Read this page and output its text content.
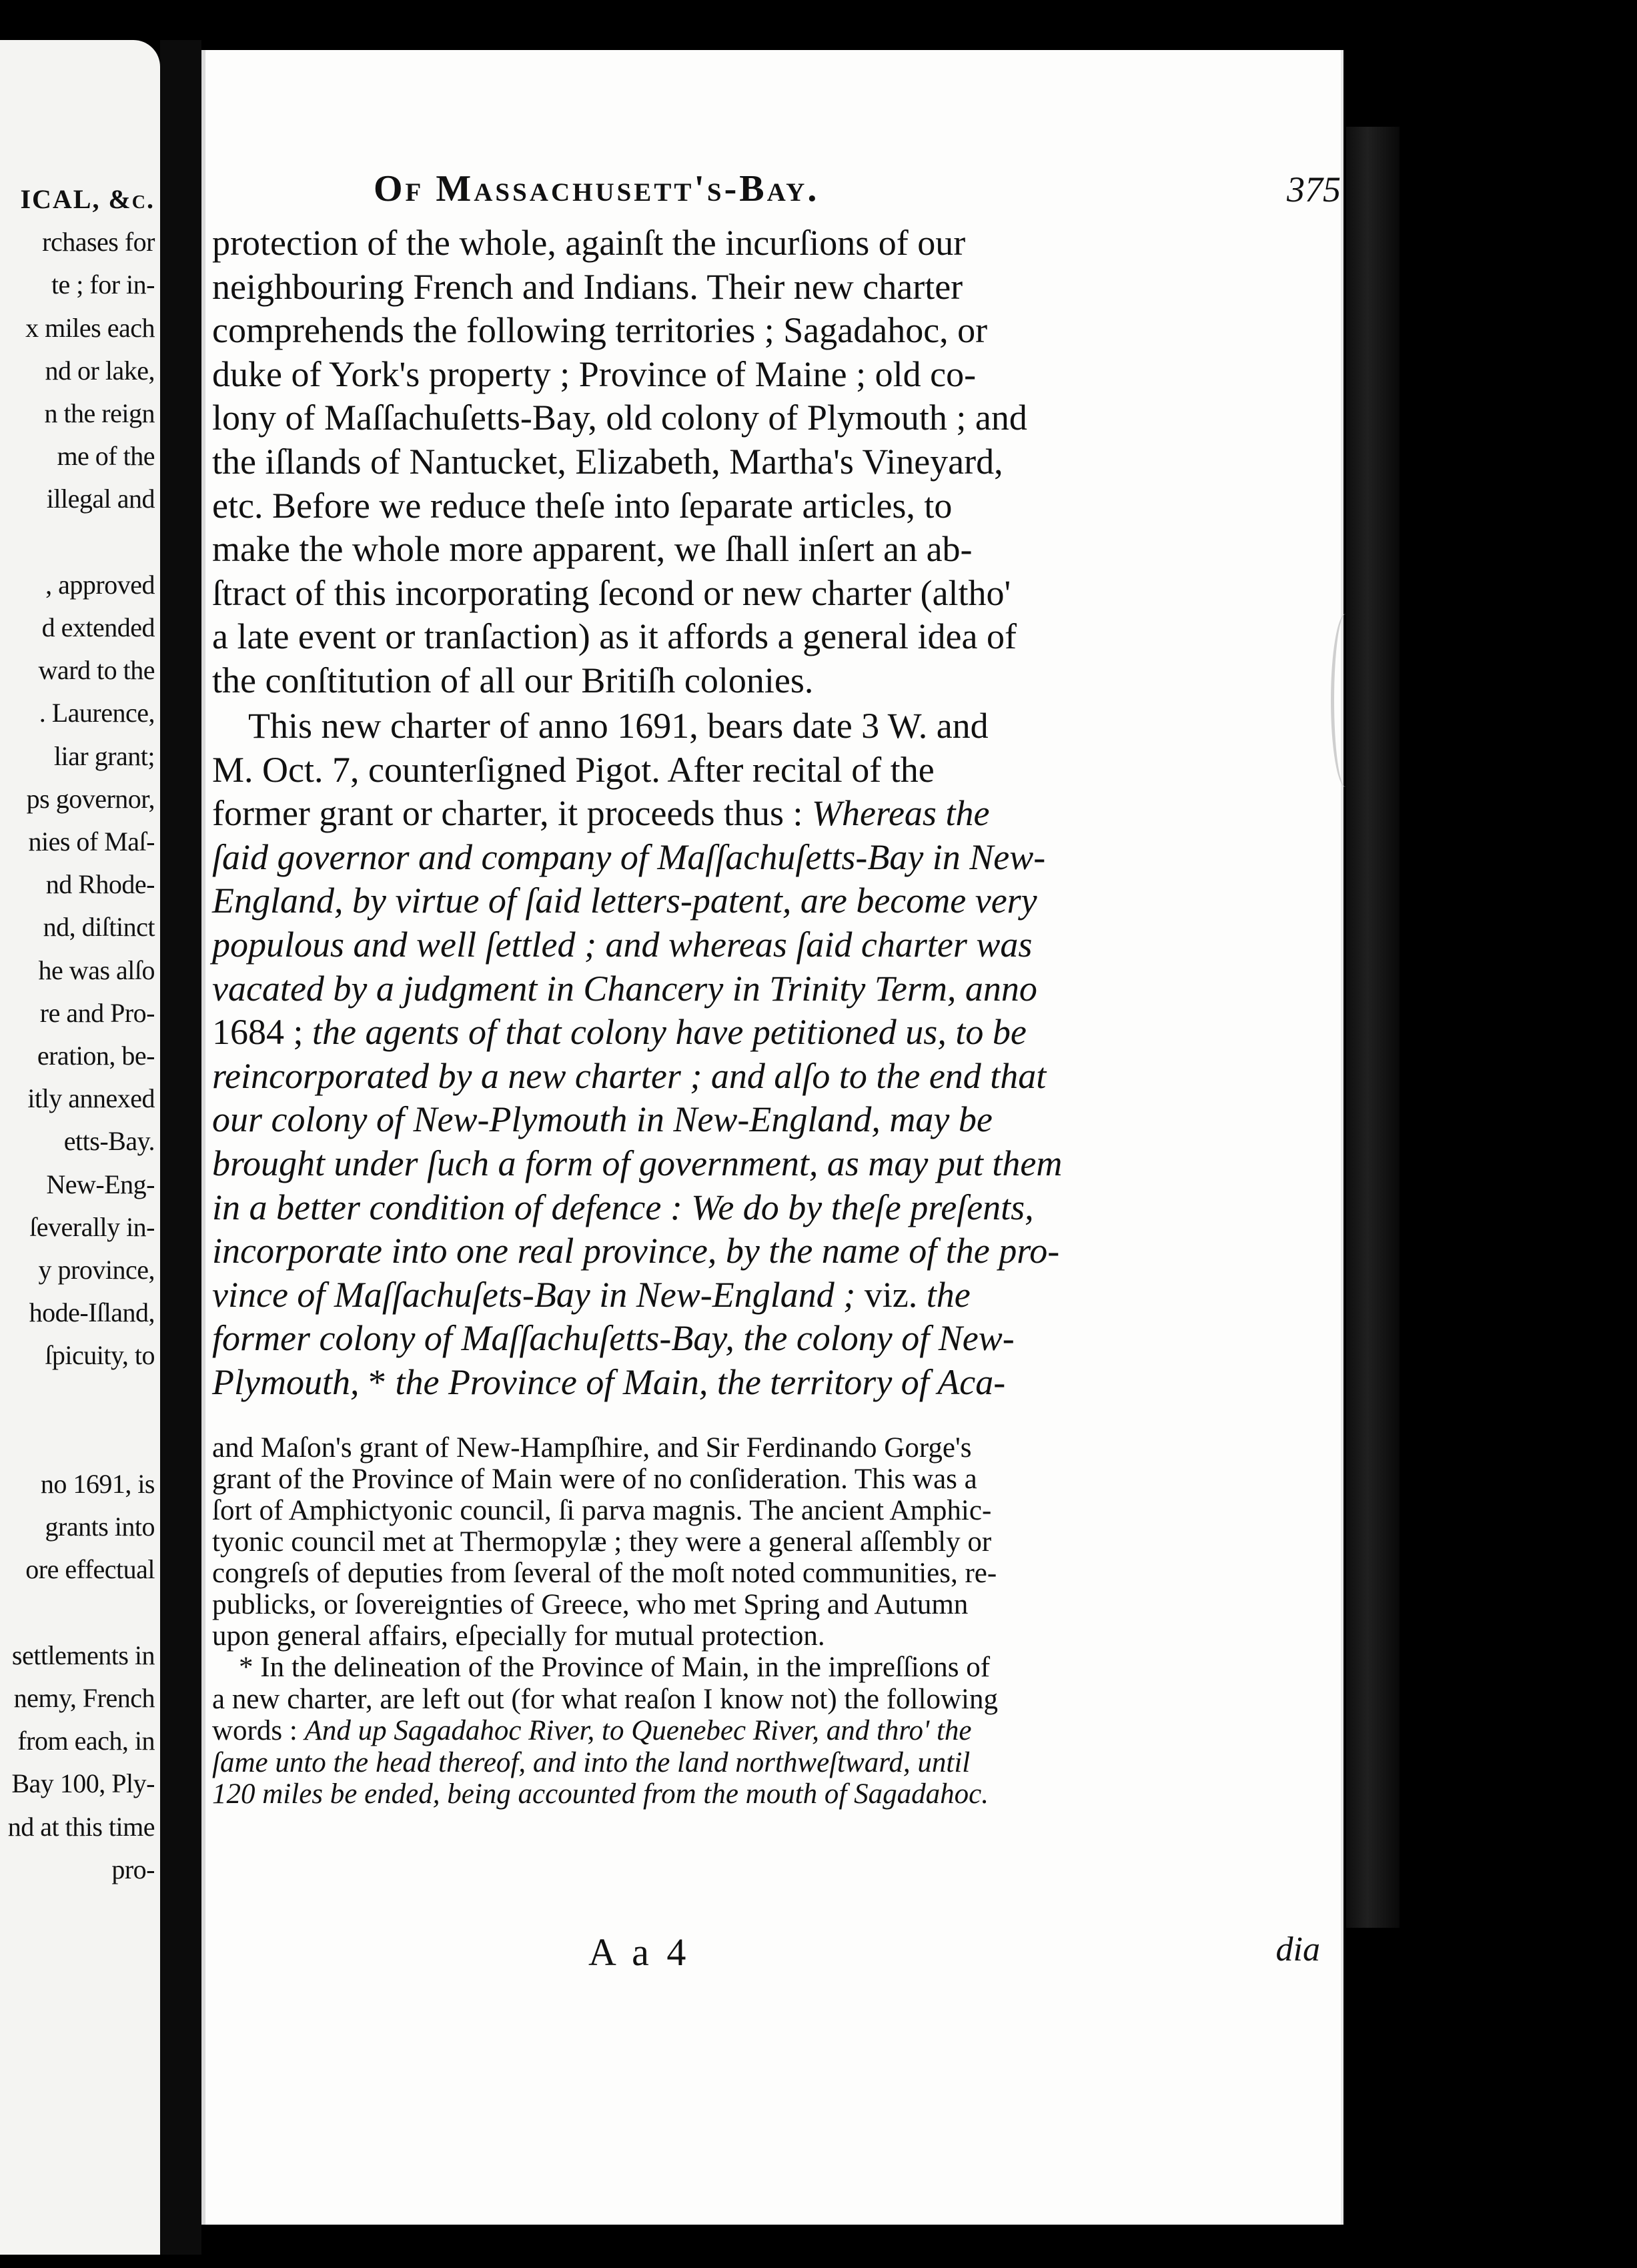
ICAL, &c.
rchases for
te ; for in-
x miles each
nd or lake,
n the reign
me of the
illegal and
, approved
d extended
ward to the
. Laurence,
liar grant;
ps governor,
nies of Maſ-
nd Rhode-
nd, diſtinct
he was alſo
re and Pro-
eration, be-
itly annexed
etts-Bay.
New-Eng-
ſeverally in-
y province,
hode-Iſland,
ſpicuity, to
no 1691, is
grants into
ore effectual
settlements in
nemy, French
from each, in
Bay 100, Ply-
nd at this time
pro-
Of Massachusett's-Bay.	375
protection of the whole, againſt the incurſions of our
neighbouring French and Indians. Their new charter
comprehends the following territories ; Sagadahoc, or
duke of York's property ; Province of Maine ; old co-
lony of Maſſachuſetts-Bay, old colony of Plymouth ; and
the iſlands of Nantucket, Elizabeth, Martha's Vineyard,
etc. Before we reduce theſe into ſeparate articles, to
make the whole more apparent, we ſhall inſert an ab-
ſtract of this incorporating ſecond or new charter (altho'
a late event or tranſaction) as it affords a general idea of
the conſtitution of all our Britiſh colonies.
This new charter of anno 1691, bears date 3 W. and
M. Oct. 7, counterſigned Pigot. After recital of the
former grant or charter, it proceeds thus : Whereas the
ſaid governor and company of Maſſachuſetts-Bay in New-
England, by virtue of ſaid letters-patent, are become very
populous and well ſettled ; and whereas ſaid charter was
vacated by a judgment in Chancery in Trinity Term, anno
1684 ; the agents of that colony have petitioned us, to be
reincorporated by a new charter ; and alſo to the end that
our colony of New-Plymouth in New-England, may be
brought under ſuch a form of government, as may put them
in a better condition of defence : We do by theſe preſents,
incorporate into one real province, by the name of the pro-
vince of Maſſachuſets-Bay in New-England ; viz. the
former colony of Maſſachuſetts-Bay, the colony of New-
Plymouth, * the Province of Main, the territory of Aca-
and Maſon's grant of New-Hampſhire, and Sir Ferdinando Gorge's
grant of the Province of Main were of no conſideration. This was a
ſort of Amphictyonic council, ſi parva magnis. The ancient Amphic-
tyonic council met at Thermopylæ ; they were a general aſſembly or
congreſs of deputies from ſeveral of the moſt noted communities, re-
publicks, or ſovereignties of Greece, who met Spring and Autumn
upon general affairs, eſpecially for mutual protection.
* In the delineation of the Province of Main, in the impreſſions of
a new charter, are left out (for what reaſon I know not) the following
words : And up Sagadahoc River, to Quenebec River, and thro' the
ſame unto the head thereof, and into the land northweſtward, until
120 miles be ended, being accounted from the mouth of Sagadahoc.
A a 4	dia
